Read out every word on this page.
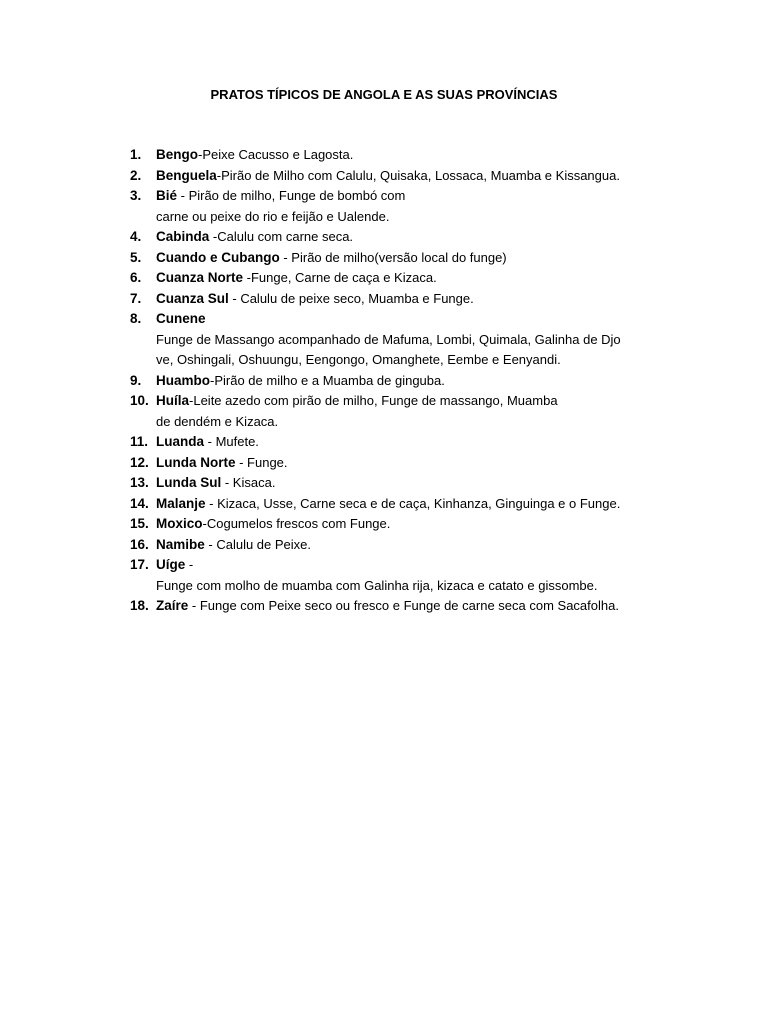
PRATOS TÍPICOS DE ANGOLA E AS SUAS PROVÍNCIAS
1. Bengo-Peixe Cacusso e Lagosta.
2. Benguela-Pirão de Milho com Calulu, Quisaka, Lossaca, Muamba e Kissangua.
3. Bié - Pirão de milho, Funge de bombó com
carne ou peixe do rio e feijão e Ualende.
4. Cabinda -Calulu com carne seca.
5. Cuando e Cubango - Pirão de milho(versão local do funge)
6. Cuanza Norte -Funge, Carne de caça e Kizaca.
7. Cuanza Sul - Calulu de peixe seco, Muamba e Funge.
8. Cunene
Funge de Massango acompanhado de Mafuma, Lombi, Quimala, Galinha de Djo
ve, Oshingali, Oshuungu, Eengongo, Omanghete, Eembe e Eenyandi.
9. Huambo-Pirão de milho e a Muamba de ginguba.
10. Huíla-Leite azedo com pirão de milho, Funge de massango, Muamba
de dendém e Kizaca.
11. Luanda - Mufete.
12. Lunda Norte - Funge.
13. Lunda Sul - Kisaca.
14. Malanje - Kizaca, Usse, Carne seca e de caça, Kinhanza, Ginguinga e o Funge.
15. Moxico-Cogumelos frescos com Funge.
16. Namibe - Calulu de Peixe.
17. Uíge -
Funge com molho de muamba com Galinha rija, kizaca e catato e gissombe.
18. Zaíre - Funge com Peixe seco ou fresco e Funge de carne seca com Sacafolha.
